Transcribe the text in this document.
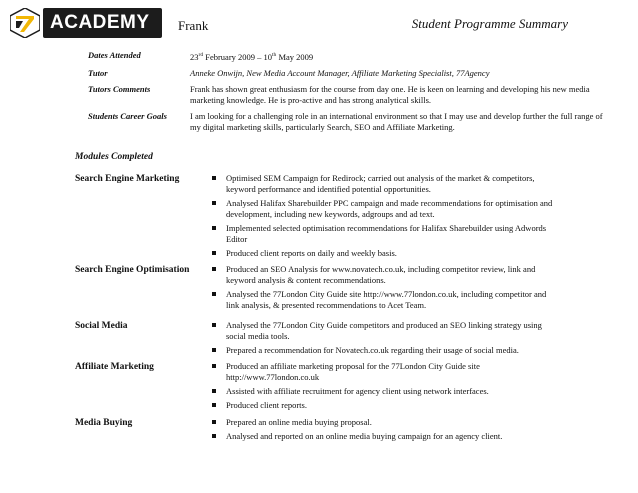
ACADEMY	Frank	Student Programme Summary
Dates Attended	23rd February 2009 – 10th May 2009
Tutor	Anneke Onwijn, New Media Account Manager, Affiliate Marketing Specialist, 77Agency
Tutors Comments	Frank has shown great enthusiasm for the course from day one. He is keen on learning and developing his new media marketing knowledge. He is pro-active and has strong analytical skills.
Students Career Goals	I am looking for a challenging role in an international environment so that I may use and develop further the full range of my digital marketing skills, particularly Search, SEO and Affiliate Marketing.
Modules Completed
Search Engine Marketing	Optimised SEM Campaign for Redirock; carried out analysis of the market & competitors, keyword performance and identified potential opportunities.
Analysed Halifax Sharebuilder PPC campaign and made recommendations for optimisation and development, including new keywords, adgroups and ad text.
Implemented selected optimisation recommendations for Halifax Sharebuilder using Adwords Editor
Produced client reports on daily and weekly basis.
Search Engine Optimisation	Produced an SEO Analysis for www.novatech.co.uk, including competitor review, link and keyword analysis & content recommendations.
Analysed the 77London City Guide site http://www.77london.co.uk, including competitor and link analysis, & presented recommendations to Acet Team.
Social Media	Analysed the 77London City Guide competitors and produced an SEO linking strategy using social media tools.
Prepared a recommendation for Novatech.co.uk regarding their usage of social media.
Affiliate Marketing	Produced an affiliate marketing proposal for the 77London City Guide site http://www.77london.co.uk
Assisted with affiliate recruitment for agency client using network interfaces.
Produced client reports.
Media Buying	Prepared an online media buying proposal.
Analysed and reported on an online media buying campaign for an agency client.
